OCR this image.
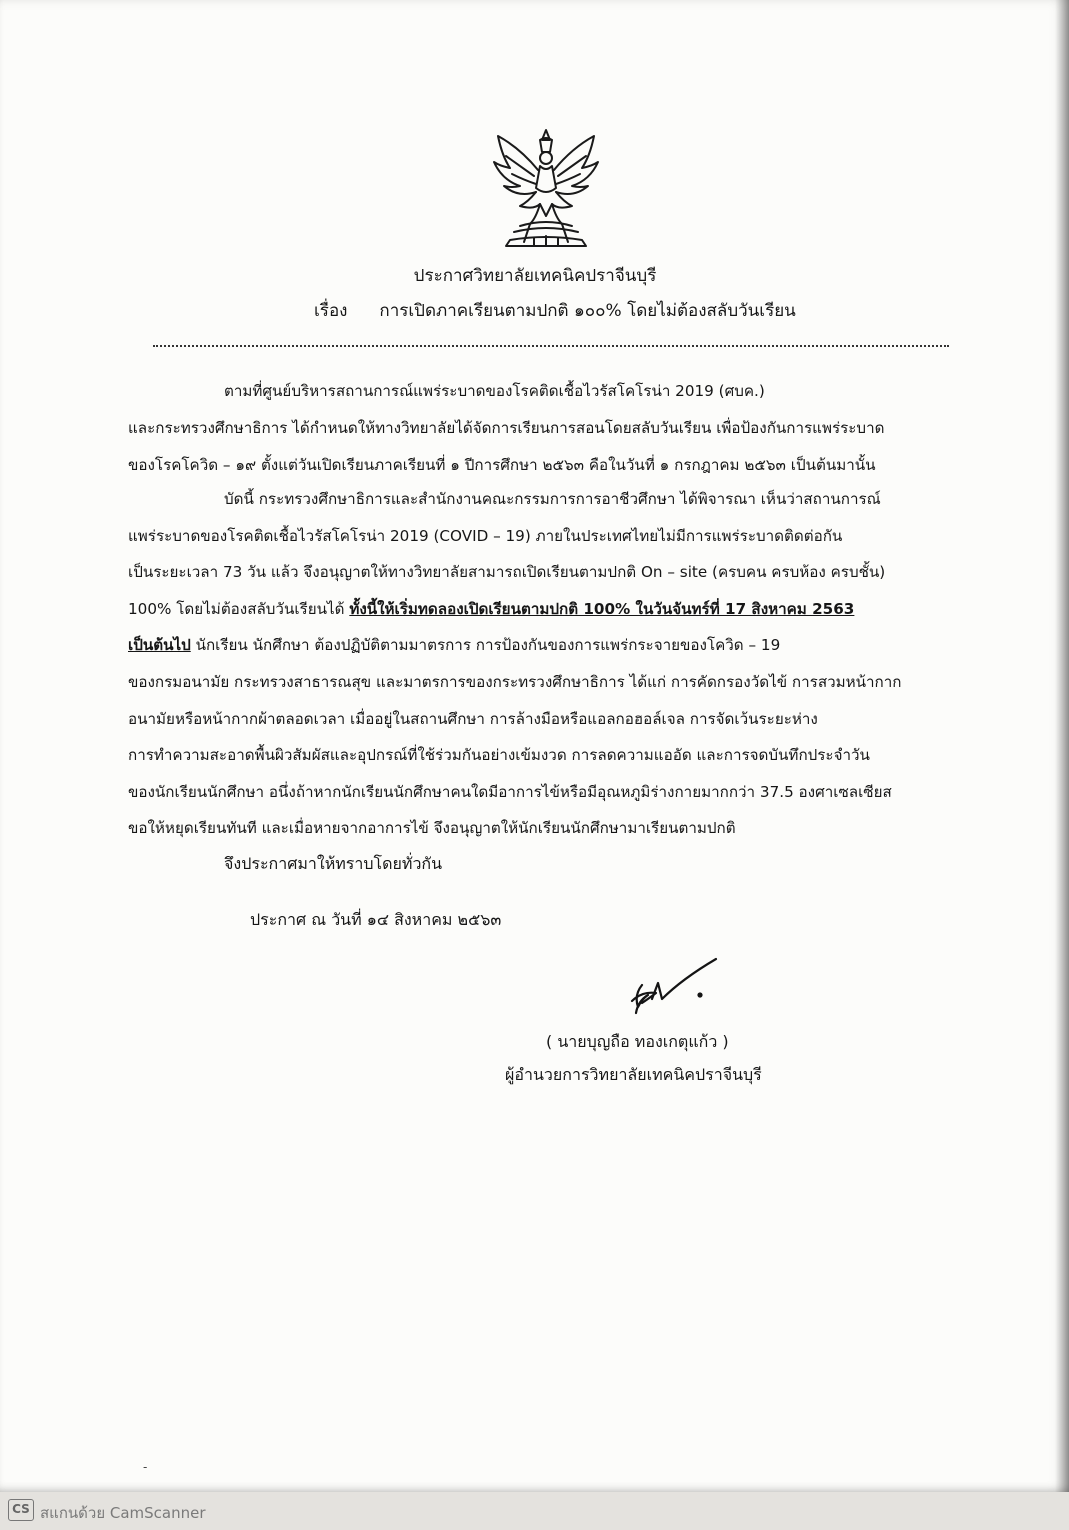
ประกาศวิทยาลัยเทคนิคปราจีนบุรี
เรื่อง การเปิดภาคเรียนตามปกติ ๑๐๐% โดยไม่ต้องสลับวันเรียน
ตามที่ศูนย์บริหารสถานการณ์แพร่ระบาดของโรคติดเชื้อไวรัสโคโรน่า 2019 (ศบค.)
และกระทรวงศึกษาธิการ ได้กำหนดให้ทางวิทยาลัยได้จัดการเรียนการสอนโดยสลับวันเรียน เพื่อป้องกันการแพร่ระบาด
ของโรคโควิด – ๑๙ ตั้งแต่วันเปิดเรียนภาคเรียนที่ ๑ ปีการศึกษา ๒๕๖๓ คือในวันที่ ๑ กรกฎาคม ๒๕๖๓ เป็นต้นมานั้น
บัดนี้ กระทรวงศึกษาธิการและสำนักงานคณะกรรมการการอาชีวศึกษา ได้พิจารณา เห็นว่าสถานการณ์
แพร่ระบาดของโรคติดเชื้อไวรัสโคโรน่า 2019 (COVID – 19) ภายในประเทศไทยไม่มีการแพร่ระบาดติดต่อกัน
เป็นระยะเวลา 73 วัน แล้ว จึงอนุญาตให้ทางวิทยาลัยสามารถเปิดเรียนตามปกติ On – site (ครบคน ครบห้อง ครบชั้น)
100% โดยไม่ต้องสลับวันเรียนได้ ทั้งนี้ให้เริ่มทดลองเปิดเรียนตามปกติ 100% ในวันจันทร์ที่ 17 สิงหาคม 2563
เป็นต้นไป นักเรียน นักศึกษา ต้องปฏิบัติตามมาตรการ การป้องกันของการแพร่กระจายของโควิด – 19
ของกรมอนามัย กระทรวงสาธารณสุข และมาตรการของกระทรวงศึกษาธิการ ได้แก่ การคัดกรองวัดไข้ การสวมหน้ากาก
อนามัยหรือหน้ากากผ้าตลอดเวลา เมื่ออยู่ในสถานศึกษา การล้างมือหรือแอลกอฮอล์เจล การจัดเว้นระยะห่าง
การทำความสะอาดพื้นผิวสัมผัสและอุปกรณ์ที่ใช้ร่วมกันอย่างเข้มงวด การลดความแออัด และการจดบันทึกประจำวัน
ของนักเรียนนักศึกษา อนึ่งถ้าหากนักเรียนนักศึกษาคนใดมีอาการไข้หรือมีอุณหภูมิร่างกายมากกว่า 37.5 องศาเซลเซียส
ขอให้หยุดเรียนทันที และเมื่อหายจากอาการไข้ จึงอนุญาตให้นักเรียนนักศึกษามาเรียนตามปกติ
จึงประกาศมาให้ทราบโดยทั่วกัน
ประกาศ ณ วันที่ ๑๔ สิงหาคม ๒๕๖๓
( นายบุญถือ ทองเกตุแก้ว )
ผู้อำนวยการวิทยาลัยเทคนิคปราจีนบุรี
-
CS สแกนด้วย CamScanner
